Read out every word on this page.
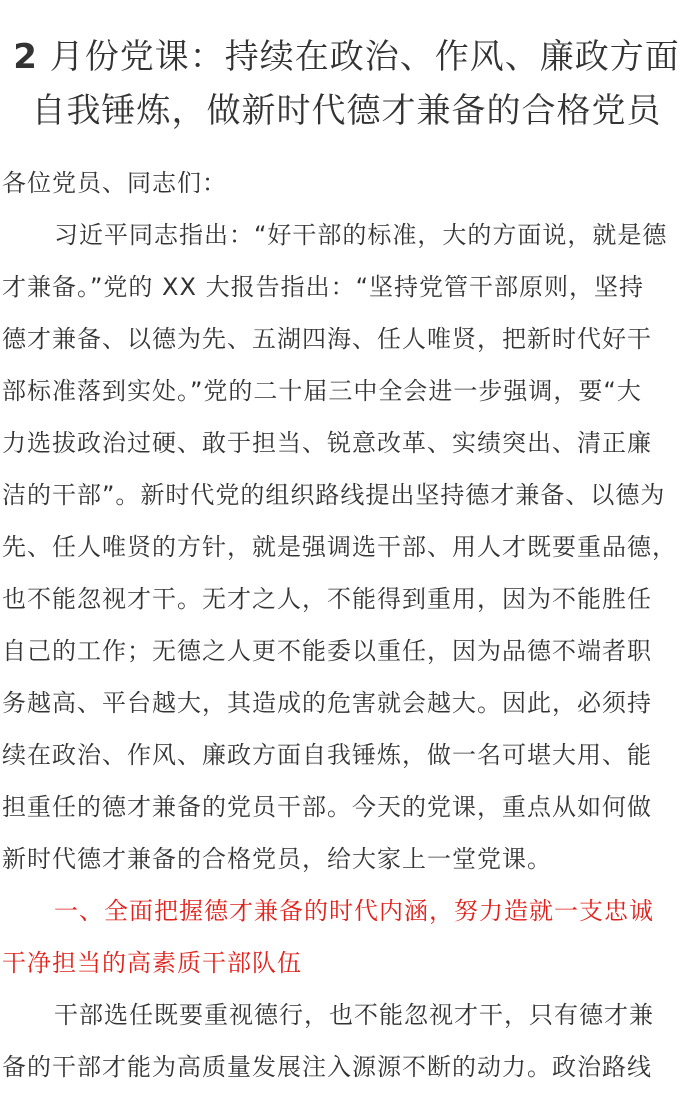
2 月份党课：持续在政治、作风、廉政方面
自我锤炼，做新时代德才兼备的合格党员

各位党员、同志们：

习近平同志指出：“好干部的标准，大的方面说，就是德
才兼备。”党的 XX 大报告指出：“坚持党管干部原则，坚持
德才兼备、以德为先、五湖四海、任人唯贤，把新时代好干
部标准落到实处。”党的二十届三中全会进一步强调，要“大
力选拔政治过硬、敢于担当、锐意改革、实绩突出、清正廉
洁的干部”。新时代党的组织路线提出坚持德才兼备、以德为
先、任人唯贤的方针，就是强调选干部、用人才既要重品德，
也不能忽视才干。无才之人，不能得到重用，因为不能胜任
自己的工作；无德之人更不能委以重任，因为品德不端者职
务越高、平台越大，其造成的危害就会越大。因此，必须持
续在政治、作风、廉政方面自我锤炼，做一名可堪大用、能
担重任的德才兼备的党员干部。今天的党课，重点从如何做
新时代德才兼备的合格党员，给大家上一堂党课。

一、全面把握德才兼备的时代内涵，努力造就一支忠诚
干净担当的高素质干部队伍

干部选任既要重视德行，也不能忽视才干，只有德才兼
备的干部才能为高质量发展注入源源不断的动力。政治路线
